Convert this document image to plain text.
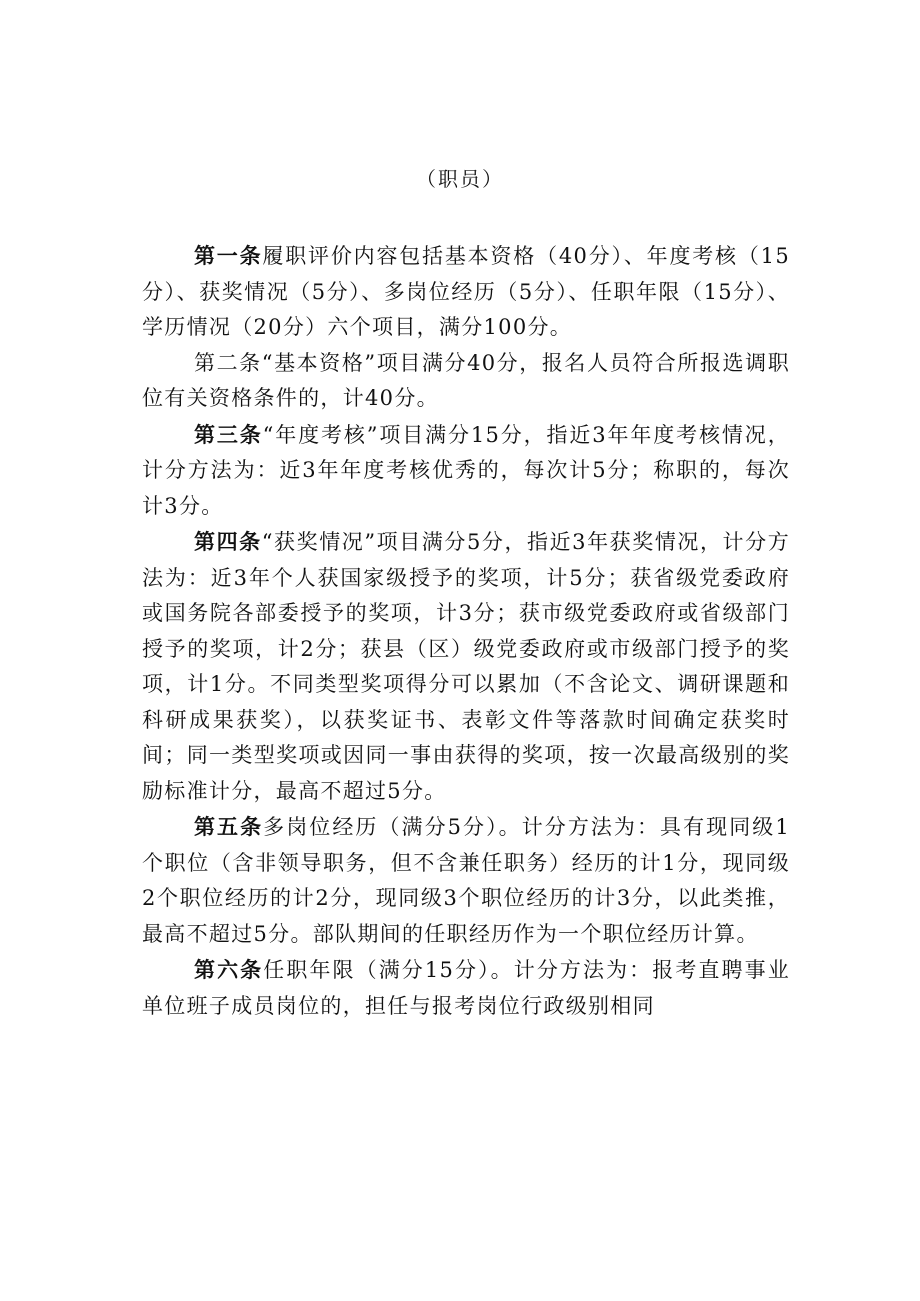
（职员）

第一条履职评价内容包括基本资格（40分）、年度考核（15分）、获奖情况（5分）、多岗位经历（5分）、任职年限（15分）、学历情况（20分）六个项目，满分100分。

第二条“基本资格”项目满分40分，报名人员符合所报选调职位有关资格条件的，计40分。

第三条“年度考核”项目满分15分，指近3年年度考核情况，计分方法为：近3年年度考核优秀的，每次计5分；称职的，每次计3分。

第四条“获奖情况”项目满分5分，指近3年获奖情况，计分方法为：近3年个人获国家级授予的奖项，计5分；获省级党委政府或国务院各部委授予的奖项，计3分；获市级党委政府或省级部门授予的奖项，计2分；获县（区）级党委政府或市级部门授予的奖项，计1分。不同类型奖项得分可以累加（不含论文、调研课题和科研成果获奖），以获奖证书、表彰文件等落款时间确定获奖时间；同一类型奖项或因同一事由获得的奖项，按一次最高级别的奖励标准计分，最高不超过5分。

第五条多岗位经历（满分5分）。计分方法为：具有现同级1个职位（含非领导职务，但不含兼任职务）经历的计1分，现同级2个职位经历的计2分，现同级3个职位经历的计3分，以此类推，最高不超过5分。部队期间的任职经历作为一个职位经历计算。

第六条任职年限（满分15分）。计分方法为：报考直聘事业单位班子成员岗位的，担任与报考岗位行政级别相同
